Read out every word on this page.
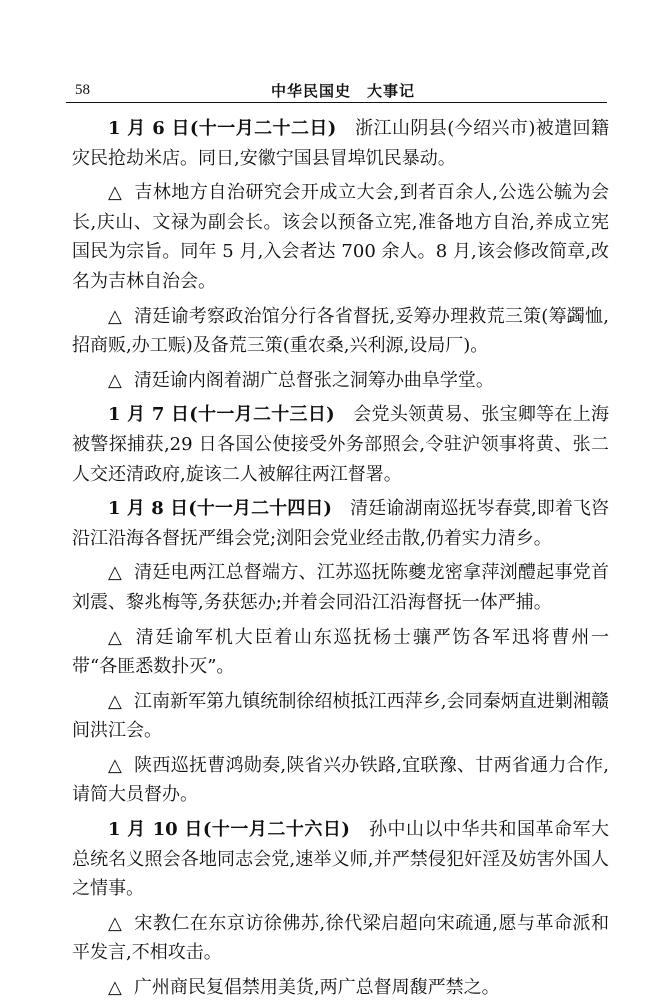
58	中华民国史　大事记

1 月 6 日(十一月二十二日)　 浙江山阴县(今绍兴市)被遣回籍灾民抢劫米店。同日,安徽宁国县冒埠饥民暴动。

△ 吉林地方自治研究会开成立大会,到者百余人,公选公毓为会长,庆山、文禄为副会长。该会以预备立宪,准备地方自治,养成立宪国民为宗旨。同年 5 月,入会者达 700 余人。8 月,该会修改简章,改名为吉林自治会。

△ 清廷谕考察政治馆分行各省督抚,妥筹办理救荒三策(筹蠲恤,招商贩,办工赈)及备荒三策(重农桑,兴利源,设局厂)。

△ 清廷谕内阁着湖广总督张之洞筹办曲阜学堂。

1 月 7 日(十一月二十三日)　 会党头领黄易、张宝卿等在上海被警探捕获,29 日各国公使接受外务部照会,令驻沪领事将黄、张二人交还清政府,旋该二人被解往两江督署。

1 月 8 日(十一月二十四日)　 清廷谕湖南巡抚岑春蓂,即着飞咨沿江沿海各督抚严缉会党;浏阳会党业经击散,仍着实力清乡。

△ 清廷电两江总督端方、江苏巡抚陈夔龙密拿萍浏醴起事党首刘震、黎兆梅等,务获惩办;并着会同沿江沿海督抚一体严捕。

△ 清廷谕军机大臣着山东巡抚杨士骧严饬各军迅将曹州一带“各匪悉数扑灭”。

△ 江南新军第九镇统制徐绍桢抵江西萍乡,会同秦炳直进剿湘赣间洪江会。

△ 陕西巡抚曹鸿勋奏,陕省兴办铁路,宜联豫、甘两省通力合作,请简大员督办。

1 月 10 日(十一月二十六日)　 孙中山以中华共和国革命军大总统名义照会各地同志会党,速举义师,并严禁侵犯奸淫及妨害外国人之情事。

△ 宋教仁在东京访徐佛苏,徐代梁启超向宋疏通,愿与革命派和平发言,不相攻击。

△ 广州商民复倡禁用美货,两广总督周馥严禁之。
